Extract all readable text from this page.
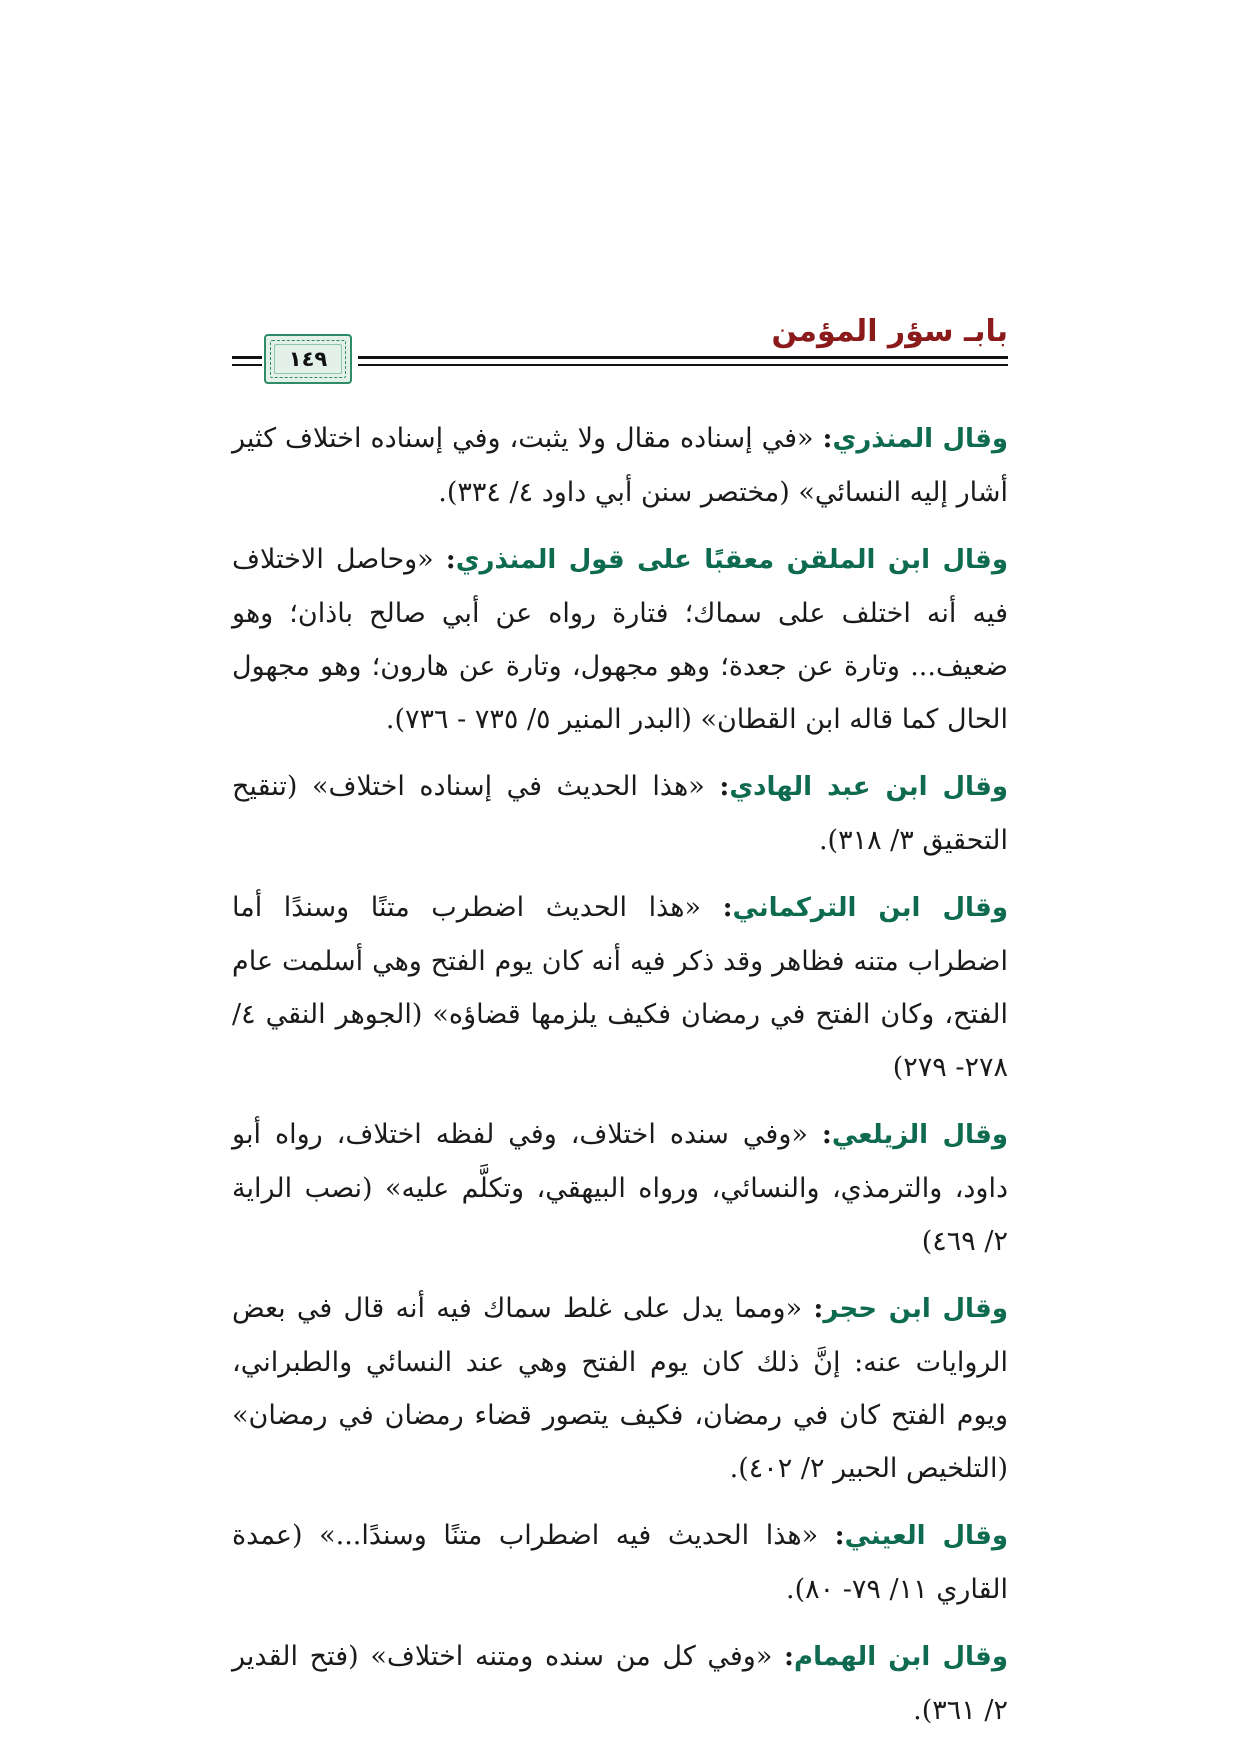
بابـ سؤر المؤمن
١٤٩

وقال المنذري: «في إسناده مقال ولا يثبت، وفي إسناده اختلاف كثير أشار إليه النسائي» (مختصر سنن أبي داود ٤/ ٣٣٤).

وقال ابن الملقن معقبًا على قول المنذري: «وحاصل الاختلاف فيه أنه اختلف على سماك؛ فتارة رواه عن أبي صالح باذان؛ وهو ضعيف... وتارة عن جعدة؛ وهو مجهول، وتارة عن هارون؛ وهو مجهول الحال كما قاله ابن القطان» (البدر المنير ٥/ ٧٣٥ - ٧٣٦).

وقال ابن عبد الهادي: «هذا الحديث في إسناده اختلاف» (تنقيح التحقيق ٣/ ٣١٨).

وقال ابن التركماني: «هذا الحديث اضطرب متنًا وسندًا أما اضطراب متنه فظاهر وقد ذكر فيه أنه كان يوم الفتح وهي أسلمت عام الفتح، وكان الفتح في رمضان فكيف يلزمها قضاؤه» (الجوهر النقي ٤/ ٢٧٨- ٢٧٩)

وقال الزيلعي: «وفي سنده اختلاف، وفي لفظه اختلاف، رواه أبو داود، والترمذي، والنسائي، ورواه البيهقي، وتكلَّم عليه» (نصب الراية ٢/ ٤٦٩)

وقال ابن حجر: «ومما يدل على غلط سماك فيه أنه قال في بعض الروايات عنه: إنَّ ذلك كان يوم الفتح وهي عند النسائي والطبراني، ويوم الفتح كان في رمضان، فكيف يتصور قضاء رمضان في رمضان» (التلخيص الحبير ٢/ ٤٠٢).

وقال العيني: «هذا الحديث فيه اضطراب متنًا وسندًا...» (عمدة القاري ١١/ ٧٩- ٨٠).

وقال ابن الهمام: «وفي كل من سنده ومتنه اختلاف» (فتح القدير ٢/ ٣٦١).
